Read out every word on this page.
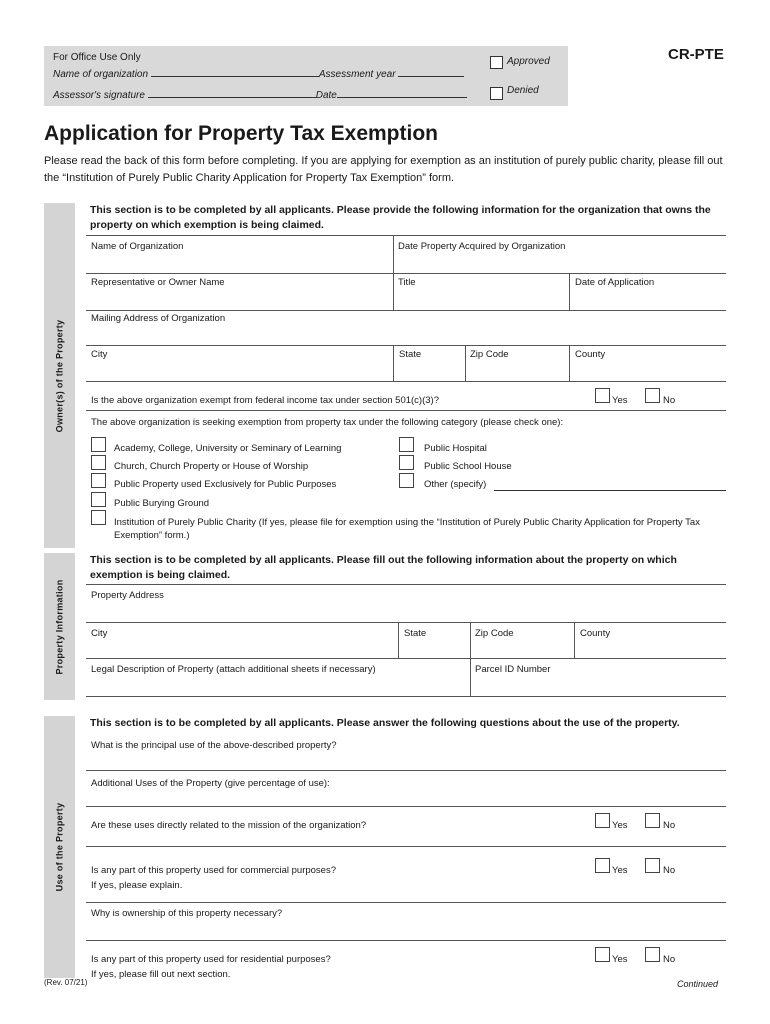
For Office Use Only
Name of organization	Assessment year
Assessor's signature	Date
Approved
Denied
CR-PTE
Application for Property Tax Exemption
Please read the back of this form before completing. If you are applying for exemption as an institution of purely public charity, please fill out the “Institution of Purely Public Charity Application for Property Tax Exemption” form.
Owner(s) of the Property
This section is to be completed by all applicants. Please provide the following information for the organization that owns the property on which exemption is being claimed.
Name of Organization	Date Property Acquired by Organization
Representative or Owner Name	Title	Date of Application
Mailing Address of Organization
City	State	Zip Code	County
Is the above organization exempt from federal income tax under section 501(c)(3)?	Yes	No
The above organization is seeking exemption from property tax under the following category (please check one):
Academy, College, University or Seminary of Learning
Church, Church Property or House of Worship
Public Property used Exclusively for Public Purposes
Public Burying Ground
Institution of Purely Public Charity (If yes, please file for exemption using the “Institution of Purely Public Charity Application for Property Tax Exemption” form.)
Public Hospital
Public School House
Other (specify)
Property Information
This section is to be completed by all applicants. Please fill out the following information about the property on which exemption is being claimed.
Property Address
City	State	Zip Code	County
Legal Description of Property (attach additional sheets if necessary)	Parcel ID Number
Use of the Property
This section is to be completed by all applicants. Please answer the following questions about the use of the property.
What is the principal use of the above-described property?
Additional Uses of the Property (give percentage of use):
Are these uses directly related to the mission of the organization?	Yes	No
Is any part of this property used for commercial purposes?
If yes, please explain.
Yes	No
Why is ownership of this property necessary?
Is any part of this property used for residential purposes?
If yes, please fill out next section.
Yes	No
(Rev. 07/21)	Continued
